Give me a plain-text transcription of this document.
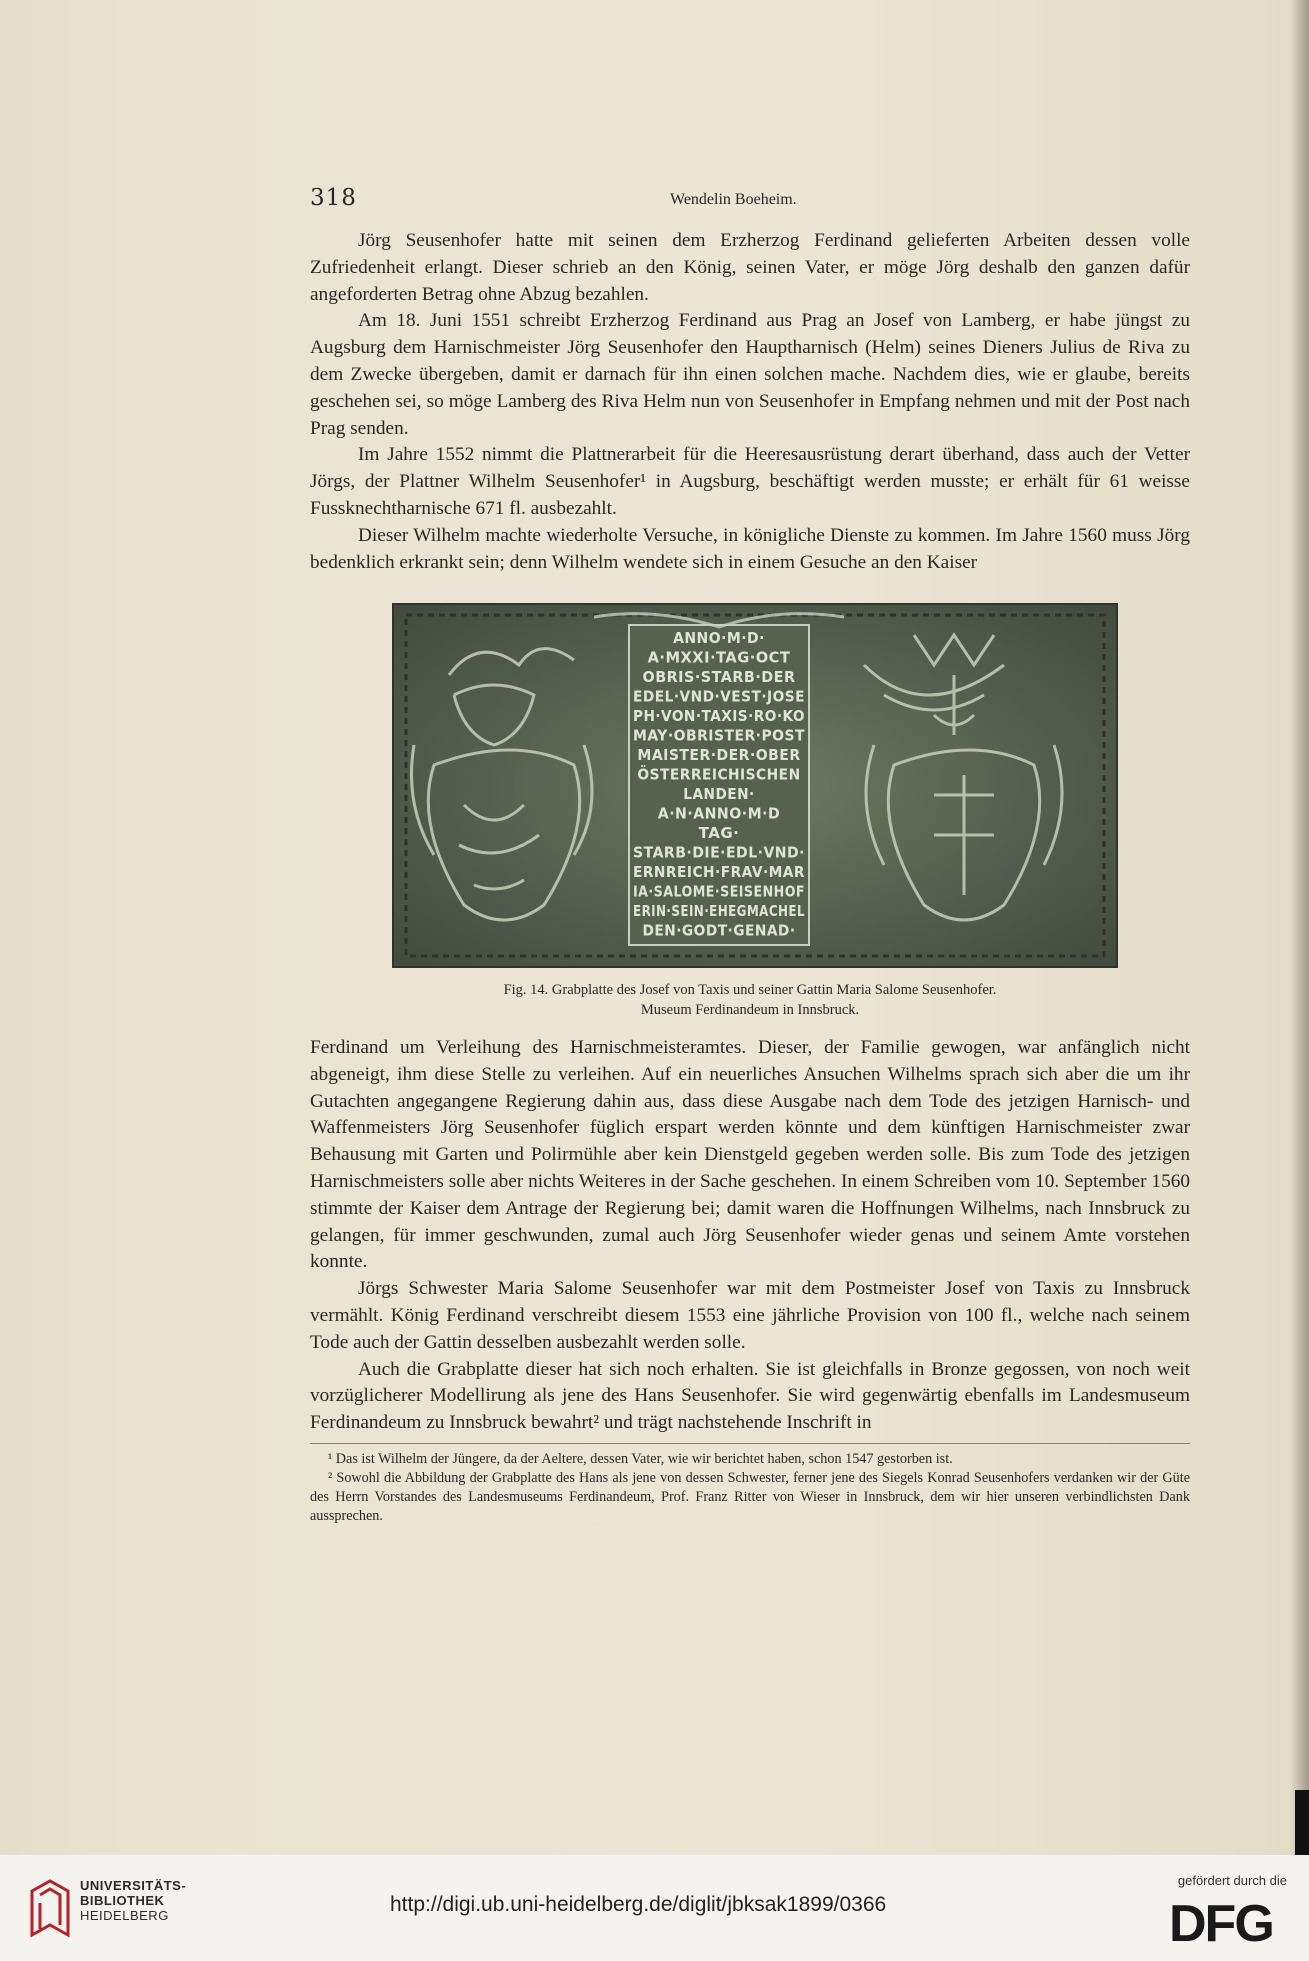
318	Wendelin Boeheim.

Jörg Seusenhofer hatte mit seinen dem Erzherzog Ferdinand gelieferten Arbeiten dessen volle Zufriedenheit erlangt. Dieser schrieb an den König, seinen Vater, er möge Jörg deshalb den ganzen dafür angeforderten Betrag ohne Abzug bezahlen.

Am 18. Juni 1551 schreibt Erzherzog Ferdinand aus Prag an Josef von Lamberg, er habe jüngst zu Augsburg dem Harnischmeister Jörg Seusenhofer den Hauptharnisch (Helm) seines Dieners Julius de Riva zu dem Zwecke übergeben, damit er darnach für ihn einen solchen mache. Nachdem dies, wie er glaube, bereits geschehen sei, so möge Lamberg des Riva Helm nun von Seusenhofer in Empfang nehmen und mit der Post nach Prag senden.

Im Jahre 1552 nimmt die Plattnerarbeit für die Heeresausrüstung derart überhand, dass auch der Vetter Jörgs, der Plattner Wilhelm Seusenhofer¹ in Augsburg, beschäftigt werden musste; er erhält für 61 weisse Fussknechtharnische 671 fl. ausbezahlt.

Dieser Wilhelm machte wiederholte Versuche, in königliche Dienste zu kommen. Im Jahre 1560 muss Jörg bedenklich erkrankt sein; denn Wilhelm wendete sich in einem Gesuche an den Kaiser

ANNO·M·D·
A·MXXI·TAG·OCT
OBRIS·STARB·DER
EDEL·VND·VEST·JOSE
PH·VON·TAXIS·RO·KO
MAY·OBRISTER·POST
MAISTER·DER·OBER
ÖSTERREICHISCHEN
LANDEN·
A·N·ANNO·M·D
TAG·
STARB·DIE·EDL·VND·
ERNREICH·FRAV·MAR
IA·SALOME·SEISENHOF
ERIN·SEIN·EHEGMACHEL
DEN·GODT·GENAD·
Fig. 14. Grabplatte des Josef von Taxis und seiner Gattin Maria Salome Seusenhofer.
Museum Ferdinandeum in Innsbruck.

Ferdinand um Verleihung des Harnischmeisteramtes. Dieser, der Familie gewogen, war anfänglich nicht abgeneigt, ihm diese Stelle zu verleihen. Auf ein neuerliches Ansuchen Wilhelms sprach sich aber die um ihr Gutachten angegangene Regierung dahin aus, dass diese Ausgabe nach dem Tode des jetzigen Harnisch- und Waffenmeisters Jörg Seusenhofer füglich erspart werden könnte und dem künftigen Harnischmeister zwar Behausung mit Garten und Polirmühle aber kein Dienstgeld gegeben werden solle. Bis zum Tode des jetzigen Harnischmeisters solle aber nichts Weiteres in der Sache geschehen. In einem Schreiben vom 10. September 1560 stimmte der Kaiser dem Antrage der Regierung bei; damit waren die Hoffnungen Wilhelms, nach Innsbruck zu gelangen, für immer geschwunden, zumal auch Jörg Seusenhofer wieder genas und seinem Amte vorstehen konnte.

Jörgs Schwester Maria Salome Seusenhofer war mit dem Postmeister Josef von Taxis zu Innsbruck vermählt. König Ferdinand verschreibt diesem 1553 eine jährliche Provision von 100 fl., welche nach seinem Tode auch der Gattin desselben ausbezahlt werden solle.

Auch die Grabplatte dieser hat sich noch erhalten. Sie ist gleichfalls in Bronze gegossen, von noch weit vorzüglicherer Modellirung als jene des Hans Seusenhofer. Sie wird gegenwärtig ebenfalls im Landesmuseum Ferdinandeum zu Innsbruck bewahrt² und trägt nachstehende Inschrift in

¹ Das ist Wilhelm der Jüngere, da der Aeltere, dessen Vater, wie wir berichtet haben, schon 1547 gestorben ist.

² Sowohl die Abbildung der Grabplatte des Hans als jene von dessen Schwester, ferner jene des Siegels Konrad Seusenhofers verdanken wir der Güte des Herrn Vorstandes des Landesmuseums Ferdinandeum, Prof. Franz Ritter von Wieser in Innsbruck, dem wir hier unseren verbindlichsten Dank aussprechen.

UNIVERSITÄTS-
BIBLIOTHEK
HEIDELBERG	http://digi.ub.uni-heidelberg.de/diglit/jbksak1899/0366
gefördert durch die
DFG
